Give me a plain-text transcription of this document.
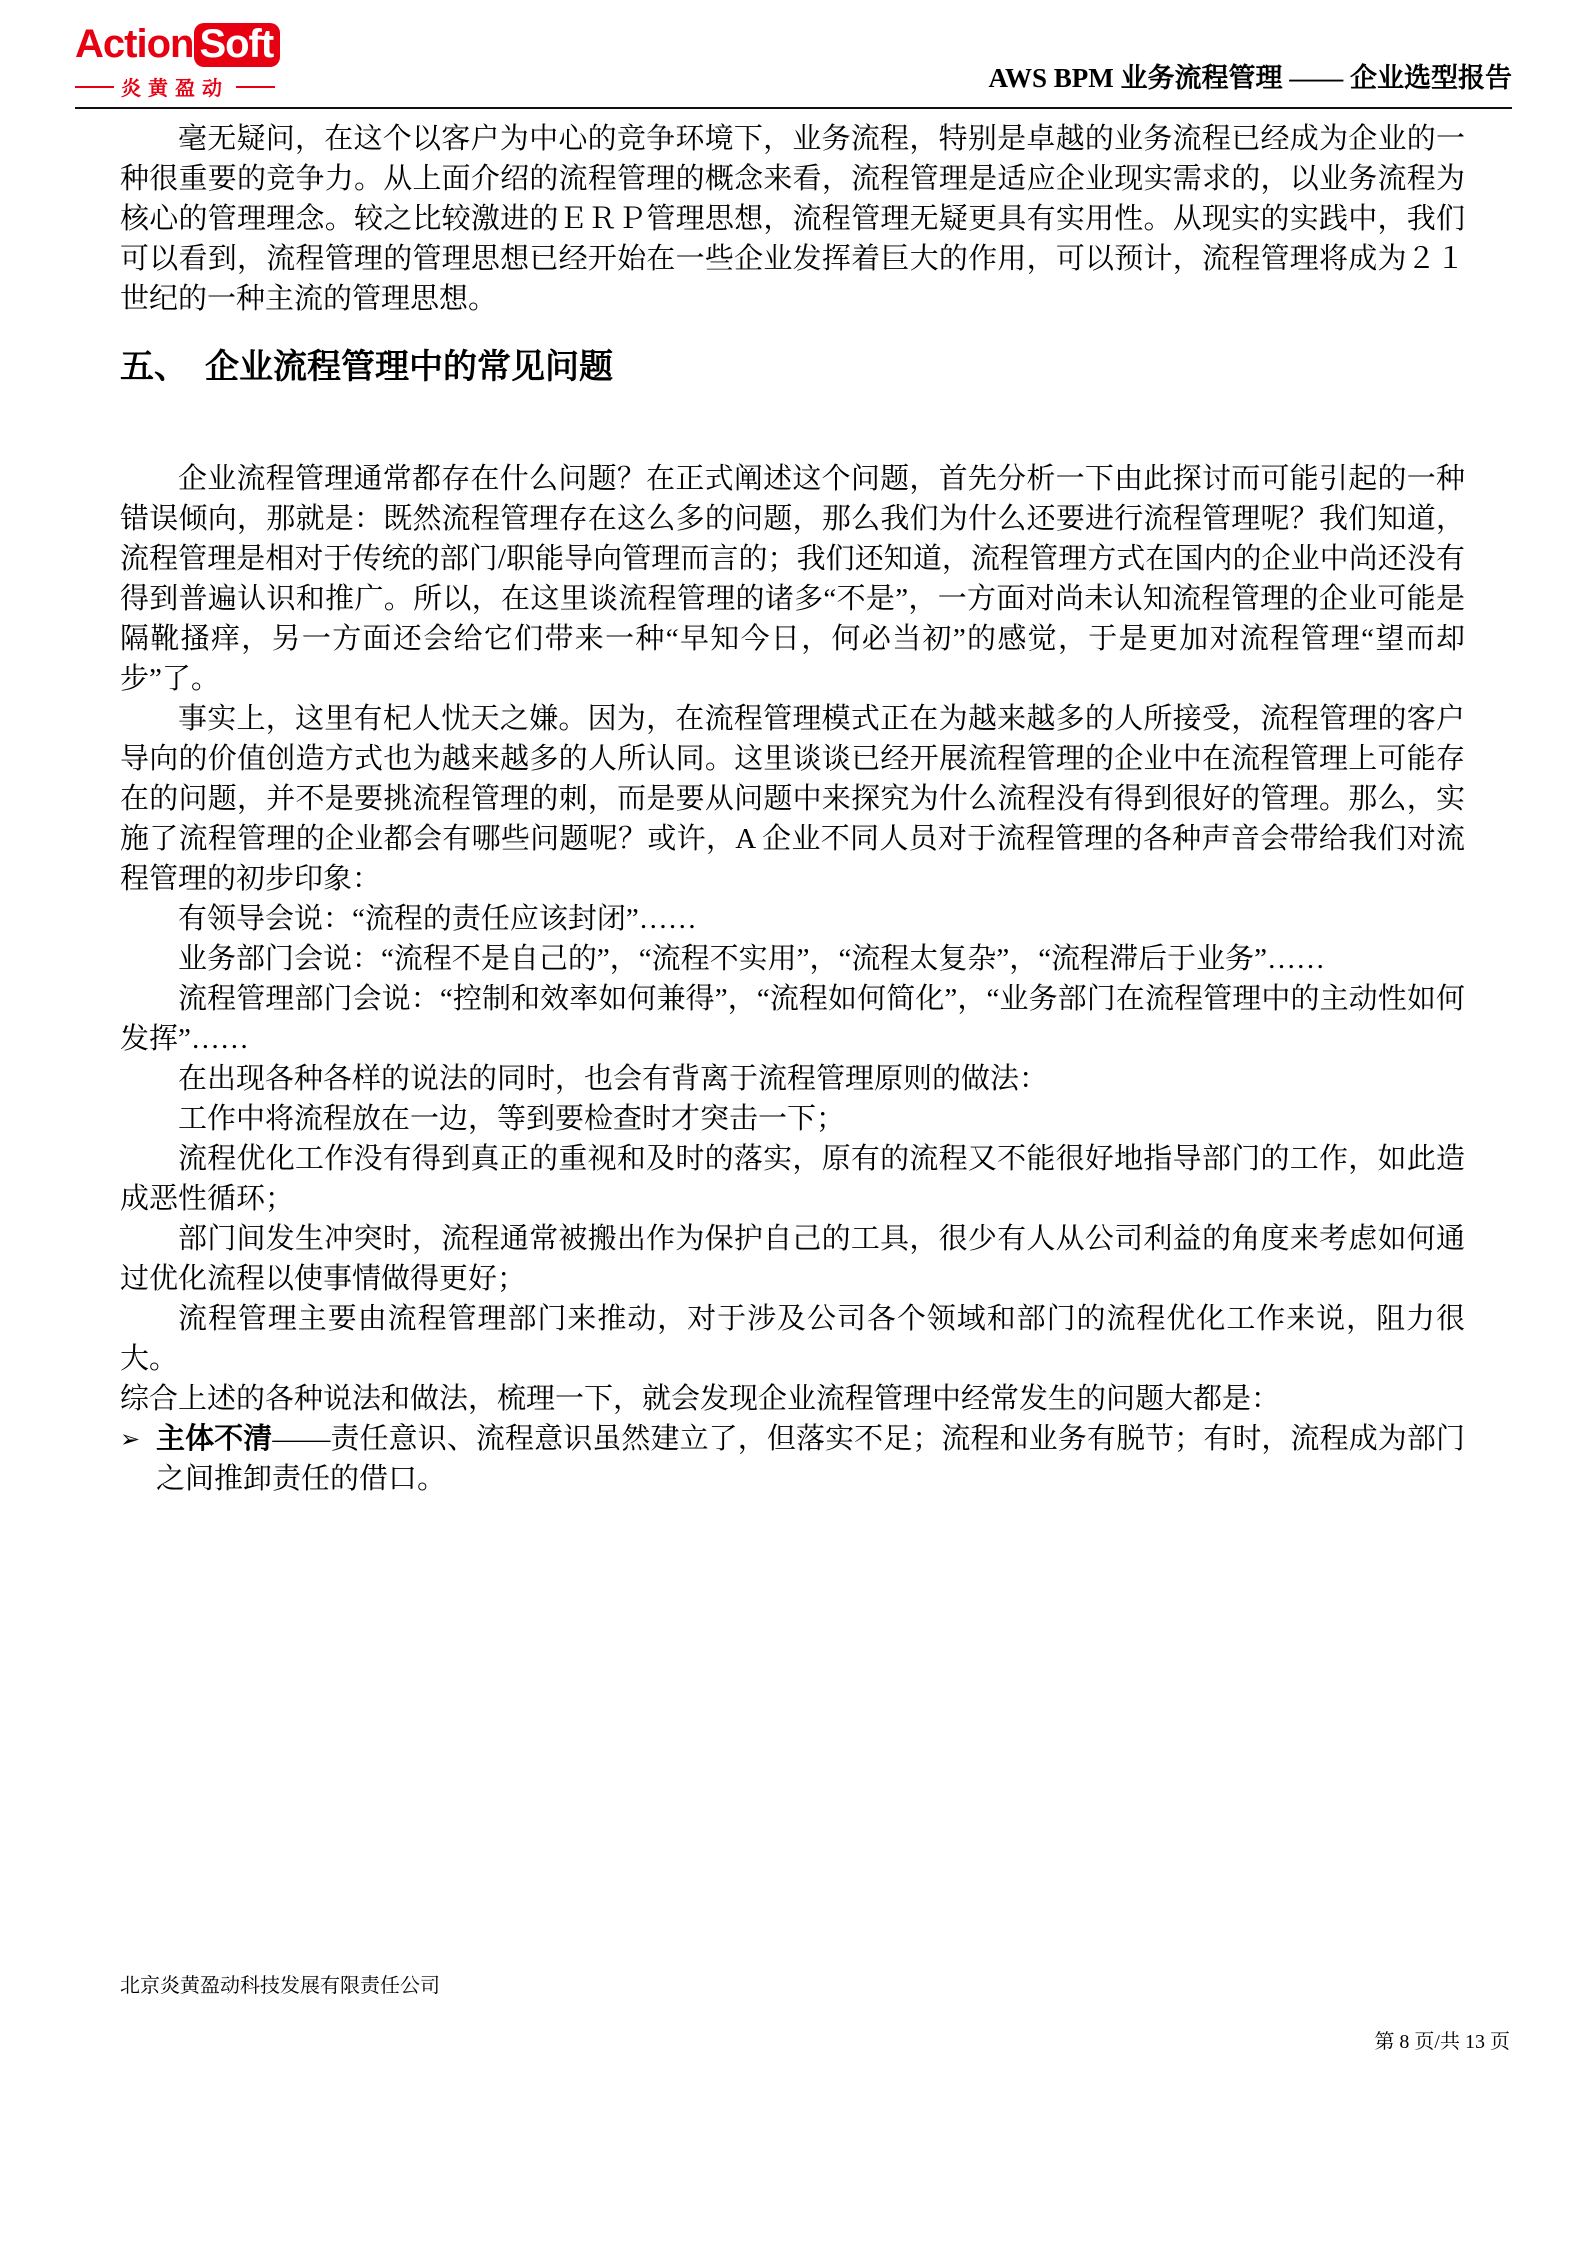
Action Soft
炎黄盈动	AWS BPM 业务流程管理 —— 企业选型报告

毫无疑问，在这个以客户为中心的竞争环境下，业务流程，特别是卓越的业务流程已经成为企业的一种很重要的竞争力。从上面介绍的流程管理的概念来看，流程管理是适应企业现实需求的，以业务流程为核心的管理理念。较之比较激进的ＥＲＰ管理思想，流程管理无疑更具有实用性。从现实的实践中，我们可以看到，流程管理的管理思想已经开始在一些企业发挥着巨大的作用，可以预计，流程管理将成为２１世纪的一种主流的管理思想。

五、　企业流程管理中的常见问题

企业流程管理通常都存在什么问题？在正式阐述这个问题，首先分析一下由此探讨而可能引起的一种错误倾向，那就是：既然流程管理存在这么多的问题，那么我们为什么还要进行流程管理呢？我们知道，流程管理是相对于传统的部门/职能导向管理而言的；我们还知道，流程管理方式在国内的企业中尚还没有得到普遍认识和推广。所以，在这里谈流程管理的诸多“不是”，一方面对尚未认知流程管理的企业可能是隔靴搔痒，另一方面还会给它们带来一种“早知今日，何必当初”的感觉，于是更加对流程管理“望而却步”了。

事实上，这里有杞人忧天之嫌。因为，在流程管理模式正在为越来越多的人所接受，流程管理的客户导向的价值创造方式也为越来越多的人所认同。这里谈谈已经开展流程管理的企业中在流程管理上可能存在的问题，并不是要挑流程管理的刺，而是要从问题中来探究为什么流程没有得到很好的管理。那么，实施了流程管理的企业都会有哪些问题呢？或许，A 企业不同人员对于流程管理的各种声音会带给我们对流程管理的初步印象：

有领导会说：“流程的责任应该封闭”……

业务部门会说：“流程不是自己的”，“流程不实用”，“流程太复杂”，“流程滞后于业务”……

流程管理部门会说：“控制和效率如何兼得”，“流程如何简化”，“业务部门在流程管理中的主动性如何发挥”……

在出现各种各样的说法的同时，也会有背离于流程管理原则的做法：

工作中将流程放在一边，等到要检查时才突击一下；

流程优化工作没有得到真正的重视和及时的落实，原有的流程又不能很好地指导部门的工作，如此造成恶性循环；

部门间发生冲突时，流程通常被搬出作为保护自己的工具，很少有人从公司利益的角度来考虑如何通过优化流程以使事情做得更好；

流程管理主要由流程管理部门来推动，对于涉及公司各个领域和部门的流程优化工作来说，阻力很大。

综合上述的各种说法和做法，梳理一下，就会发现企业流程管理中经常发生的问题大都是：

➢ 主体不清——责任意识、流程意识虽然建立了，但落实不足；流程和业务有脱节；有时，流程成为部门之间推卸责任的借口。

北京炎黄盈动科技发展有限责任公司
第 8 页/共 13 页
